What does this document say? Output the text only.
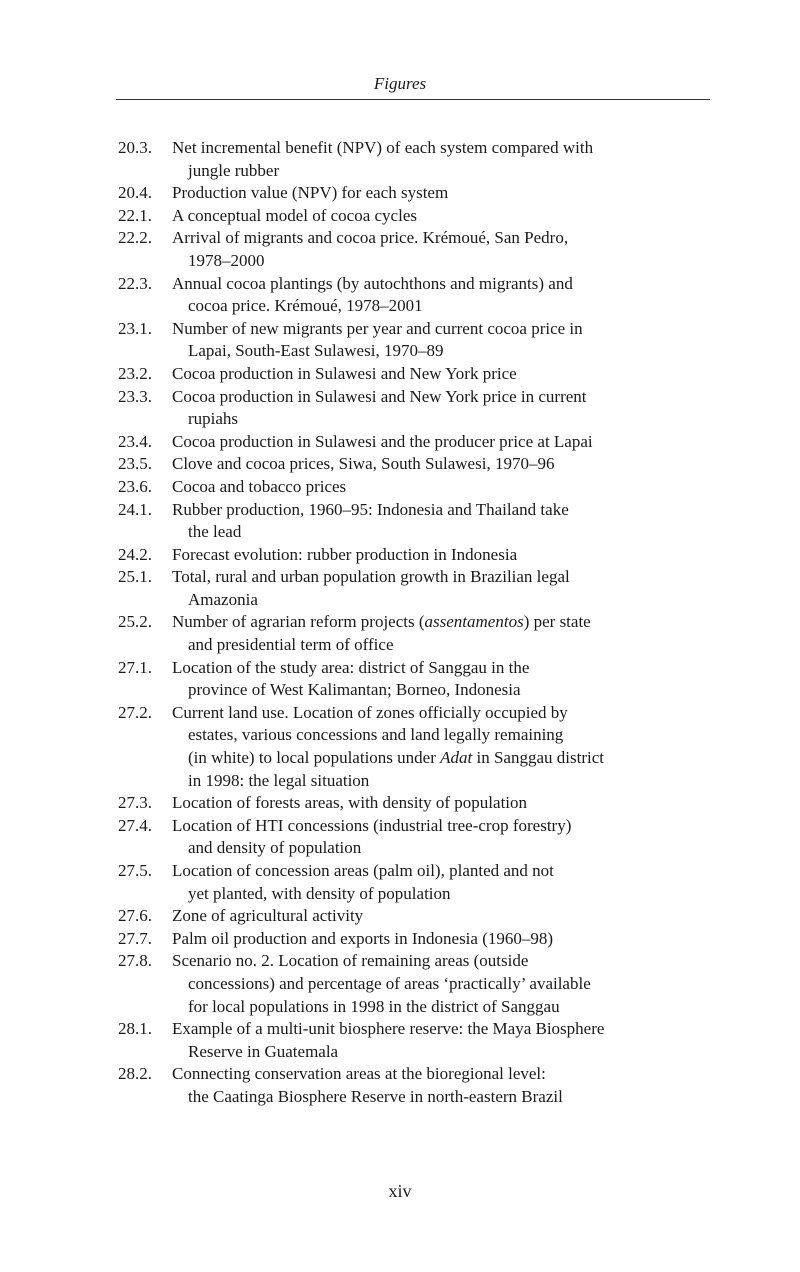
Figures
20.3.	Net incremental benefit (NPV) of each system compared with
jungle rubber
20.4.	Production value (NPV) for each system
22.1.	A conceptual model of cocoa cycles
22.2.	Arrival of migrants and cocoa price. Krémoué, San Pedro,
1978–2000
22.3.	Annual cocoa plantings (by autochthons and migrants) and
cocoa price. Krémoué, 1978–2001
23.1.	Number of new migrants per year and current cocoa price in
Lapai, South-East Sulawesi, 1970–89
23.2.	Cocoa production in Sulawesi and New York price
23.3.	Cocoa production in Sulawesi and New York price in current
rupiahs
23.4.	Cocoa production in Sulawesi and the producer price at Lapai
23.5.	Clove and cocoa prices, Siwa, South Sulawesi, 1970–96
23.6.	Cocoa and tobacco prices
24.1.	Rubber production, 1960–95: Indonesia and Thailand take
the lead
24.2.	Forecast evolution: rubber production in Indonesia
25.1.	Total, rural and urban population growth in Brazilian legal
Amazonia
25.2.	Number of agrarian reform projects (assentamentos) per state
and presidential term of office
27.1.	Location of the study area: district of Sanggau in the
province of West Kalimantan; Borneo, Indonesia
27.2.	Current land use. Location of zones officially occupied by
estates, various concessions and land legally remaining
(in white) to local populations under Adat in Sanggau district
in 1998: the legal situation
27.3.	Location of forests areas, with density of population
27.4.	Location of HTI concessions (industrial tree-crop forestry)
and density of population
27.5.	Location of concession areas (palm oil), planted and not
yet planted, with density of population
27.6.	Zone of agricultural activity
27.7.	Palm oil production and exports in Indonesia (1960–98)
27.8.	Scenario no. 2. Location of remaining areas (outside
concessions) and percentage of areas ‘practically’ available
for local populations in 1998 in the district of Sanggau
28.1.	Example of a multi-unit biosphere reserve: the Maya Biosphere
Reserve in Guatemala
28.2.	Connecting conservation areas at the bioregional level:
the Caatinga Biosphere Reserve in north-eastern Brazil
xiv
